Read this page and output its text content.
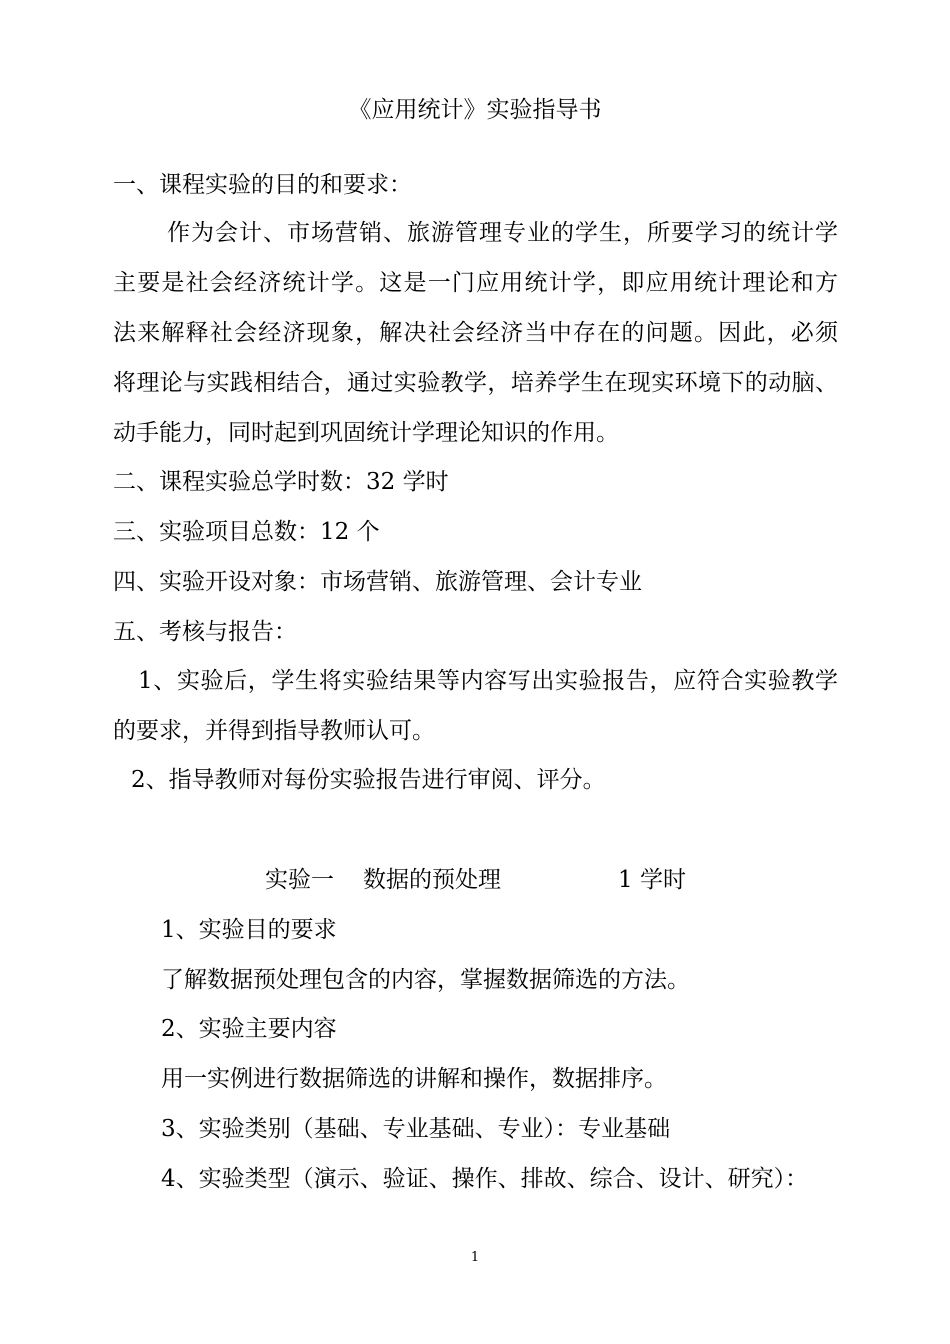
《应用统计》实验指导书
一、课程实验的目的和要求：
作为会计、市场营销、旅游管理专业的学生，所要学习的统计学
主要是社会经济统计学。这是一门应用统计学，即应用统计理论和方
法来解释社会经济现象，解决社会经济当中存在的问题。因此，必须
将理论与实践相结合，通过实验教学，培养学生在现实环境下的动脑、
动手能力，同时起到巩固统计学理论知识的作用。
二、课程实验总学时数：32 学时
三、实验项目总数：12 个
四、实验开设对象：市场营销、旅游管理、会计专业
五、考核与报告：
1、实验后，学生将实验结果等内容写出实验报告，应符合实验教学
的要求，并得到指导教师认可。
2、指导教师对每份实验报告进行审阅、评分。
实验一 数据的预处理	1 学时
1、实验目的要求
了解数据预处理包含的内容，掌握数据筛选的方法。
2、实验主要内容
用一实例进行数据筛选的讲解和操作，数据排序。
3、实验类别（基础、专业基础、专业）：专业基础
4、实验类型（演示、验证、操作、排故、综合、设计、研究）：
1
